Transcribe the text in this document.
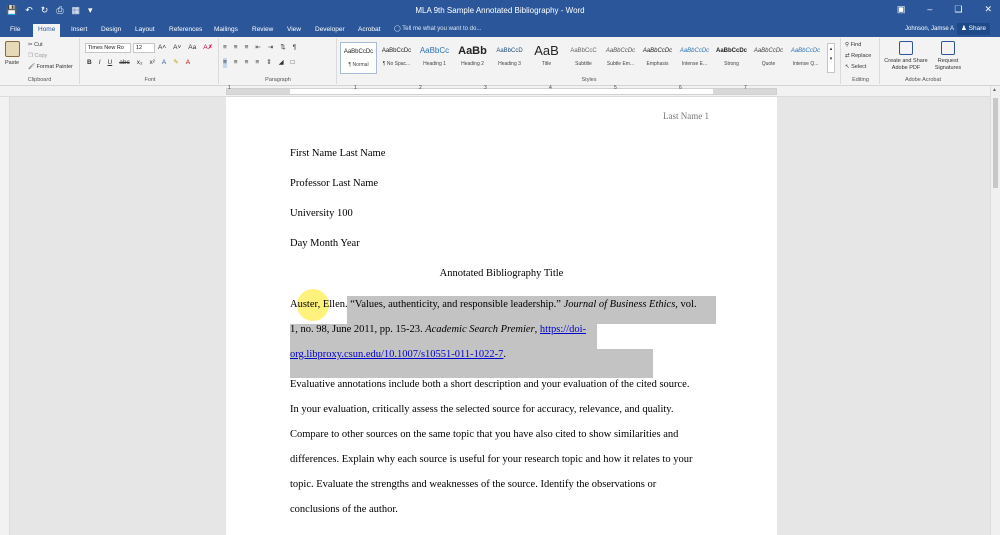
💾 ↶ ↻ ⎙ ▦ ▾	MLA 9th Sample Annotated Bibliography - Word	▣ – ❑ ✕
File	Home	Insert	Design	Layout	References	Mailings	Review	View	Developer	Acrobat	◯ Tell me what you want to do...	Johnson, Jamse A	♟ Share
Paste
✂ Cut
❐ Copy
🖌 Format Painter
Clipboard
Times New Ro	12	A˄ A˅ Aa A✗
B I U abc x₂ x² A ✎ A
Font
≡ ≡ ≡ ⇤ ⇥ ⇅ ¶
≡ ≡ ≡ ≡ ⇕ ◢ □
Paragraph
AaBbCcDc
¶ Normal
AaBbCcDc
¶ No Spac...
AaBbCc
Heading 1
AaBb
Heading 2
AaBbCcD
Heading 3
AaB
Title
AaBbCcC
Subtitle
AaBbCcDc
Subtle Em...
AaBbCcDc
Emphasis
AaBbCcDc
Intense E...
AaBbCcDc
Strong
AaBbCcDc
Quote
AaBbCcDc
Intense Q...
▴
▾
Styles
⚲ Find
⇄ Replace
↖ Select
Editing
Create and Share Adobe PDF
Request Signatures
Adobe Acrobat
1	1	2	3	4	5	6	7	▲
Last Name 1
First Name Last Name
Professor Last Name
University 100
Day Month Year
Annotated Bibliography Title
Auster, Ellen. “Values, authenticity, and responsible leadership.” Journal of Business Ethics, vol.
1, no. 98, June 2011, pp. 15-23. Academic Search Premier, https://doi-
org.libproxy.csun.edu/10.1007/s10551-011-1022-7.
Evaluative annotations include both a short description and your evaluation of the cited source.
In your evaluation, critically assess the selected source for accuracy, relevance, and quality.
Compare to other sources on the same topic that you have also cited to show similarities and
differences. Explain why each source is useful for your research topic and how it relates to your
topic. Evaluate the strengths and weaknesses of the source. Identify the observations or
conclusions of the author.
